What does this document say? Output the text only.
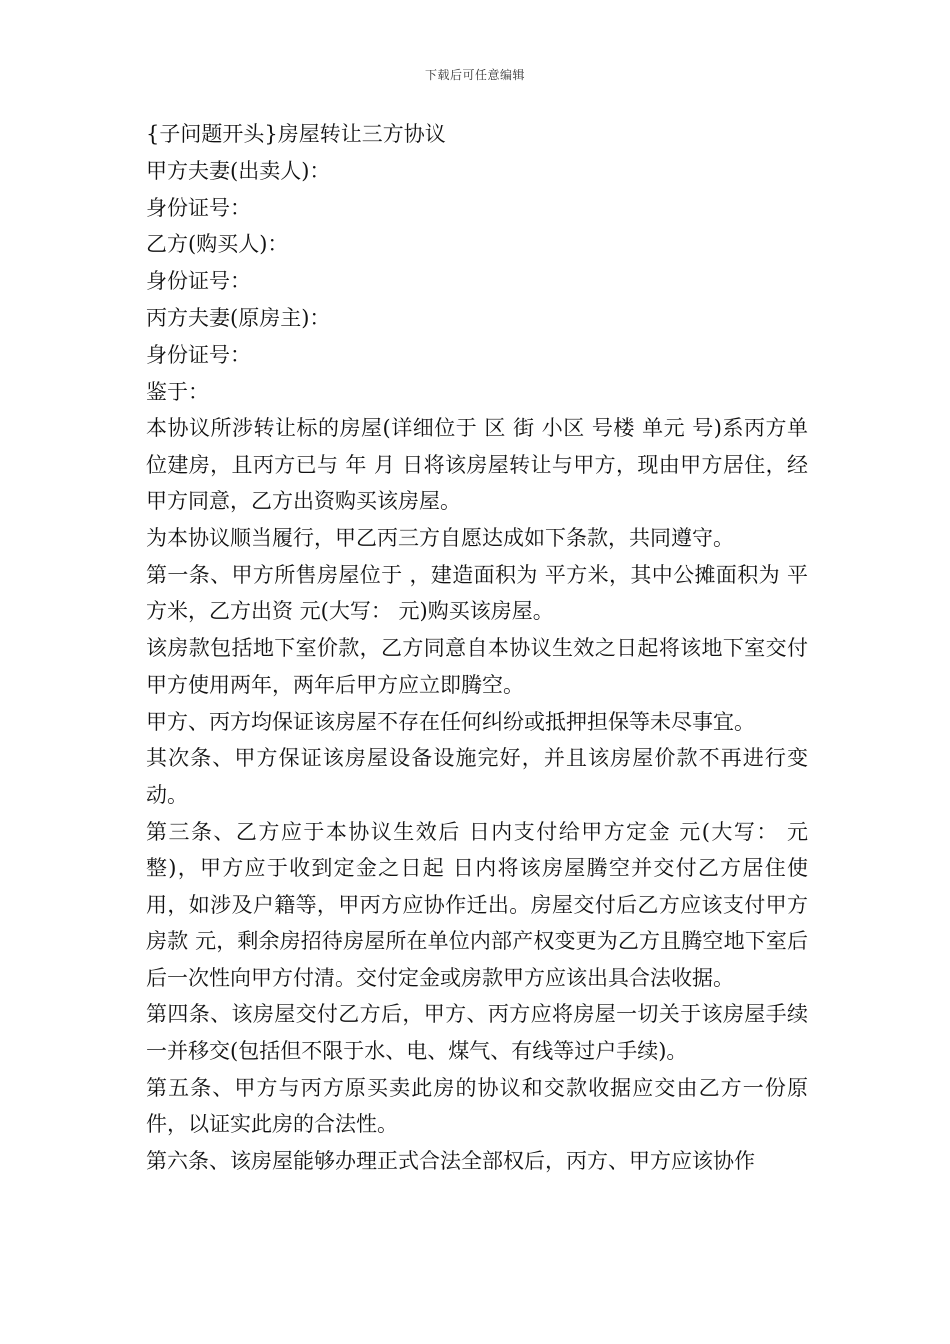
下载后可任意编辑

{子问题开头}房屋转让三方协议

甲方夫妻(出卖人)：

身份证号：

乙方(购买人)：

身份证号：

丙方夫妻(原房主)：

身份证号：

鉴于：

本协议所涉转让标的房屋(详细位于 区 街 小区 号楼 单元 号)系丙方单位建房，且丙方已与 年 月 日将该房屋转让与甲方，现由甲方居住，经甲方同意，乙方出资购买该房屋。

为本协议顺当履行，甲乙丙三方自愿达成如下条款，共同遵守。

第一条、甲方所售房屋位于 ，建造面积为 平方米，其中公摊面积为 平方米，乙方出资 元(大写： 元)购买该房屋。

该房款包括地下室价款，乙方同意自本协议生效之日起将该地下室交付甲方使用两年，两年后甲方应立即腾空。

甲方、丙方均保证该房屋不存在任何纠纷或抵押担保等未尽事宜。

其次条、甲方保证该房屋设备设施完好，并且该房屋价款不再进行变动。

第三条、乙方应于本协议生效后 日内支付给甲方定金 元(大写： 元整)，甲方应于收到定金之日起 日内将该房屋腾空并交付乙方居住使用，如涉及户籍等，甲丙方应协作迁出。房屋交付后乙方应该支付甲方房款 元，剩余房招待房屋所在单位内部产权变更为乙方且腾空地下室后后一次性向甲方付清。交付定金或房款甲方应该出具合法收据。

第四条、该房屋交付乙方后，甲方、丙方应将房屋一切关于该房屋手续一并移交(包括但不限于水、电、煤气、有线等过户手续)。

第五条、甲方与丙方原买卖此房的协议和交款收据应交由乙方一份原件，以证实此房的合法性。

第六条、该房屋能够办理正式合法全部权后，丙方、甲方应该协作
